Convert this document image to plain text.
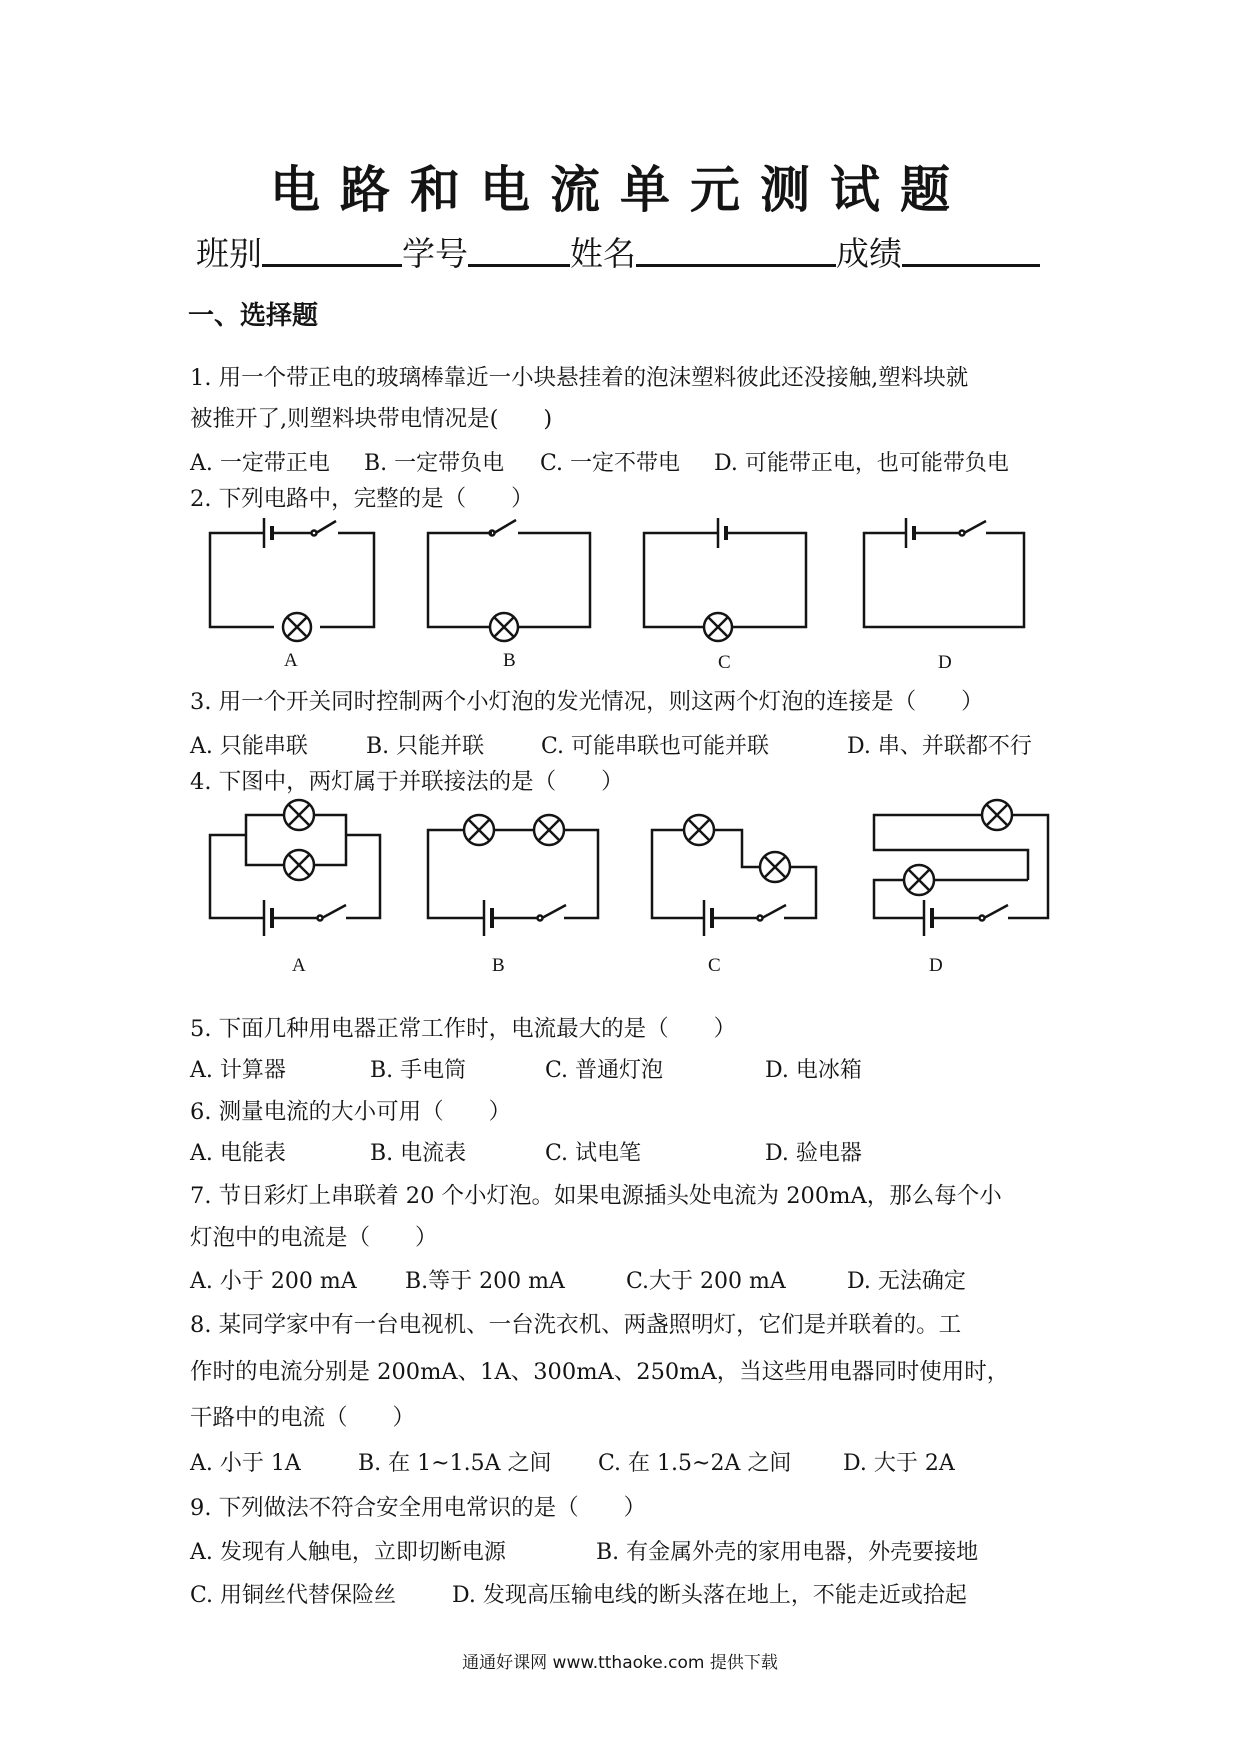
电路和电流单元测试题
班别	学号	姓名	成绩
一、选择题
1. 用一个带正电的玻璃棒靠近一小块悬挂着的泡沫塑料彼此还没接触,塑料块就
被推开了,则塑料块带电情况是(　　)
A. 一定带正电 B. 一定带负电 C. 一定不带电 D. 可能带正电，也可能带负电
2. 下列电路中，完整的是（　　）
A	B	C	D
3. 用一个开关同时控制两个小灯泡的发光情况，则这两个灯泡的连接是（　　）
A. 只能串联	B. 只能并联	C. 可能串联也可能并联	D. 串、并联都不行
4. 下图中，两灯属于并联接法的是（　　）
A	B	C	D
5. 下面几种用电器正常工作时，电流最大的是（　　）
A. 计算器	B. 手电筒	C. 普通灯泡	D. 电冰箱
6. 测量电流的大小可用（　　）
A. 电能表	B. 电流表	C. 试电笔	D. 验电器
7. 节日彩灯上串联着 20 个小灯泡。如果电源插头处电流为 200mA，那么每个小
灯泡中的电流是（　　）
A. 小于 200 mA B.等于 200 mA	C.大于 200 mA	D. 无法确定
8. 某同学家中有一台电视机、一台洗衣机、两盏照明灯，它们是并联着的。工
作时的电流分别是 200mA、1A、300mA、250mA，当这些用电器同时使用时，
干路中的电流（　　）
A. 小于 1A	B. 在 1~1.5A 之间 C. 在 1.5~2A 之间 D. 大于 2A
9. 下列做法不符合安全用电常识的是（　　）
A. 发现有人触电，立即切断电源	B. 有金属外壳的家用电器，外壳要接地
C. 用铜丝代替保险丝	D. 发现高压输电线的断头落在地上，不能走近或拾起
通通好课网 www.tthaoke.com 提供下载
